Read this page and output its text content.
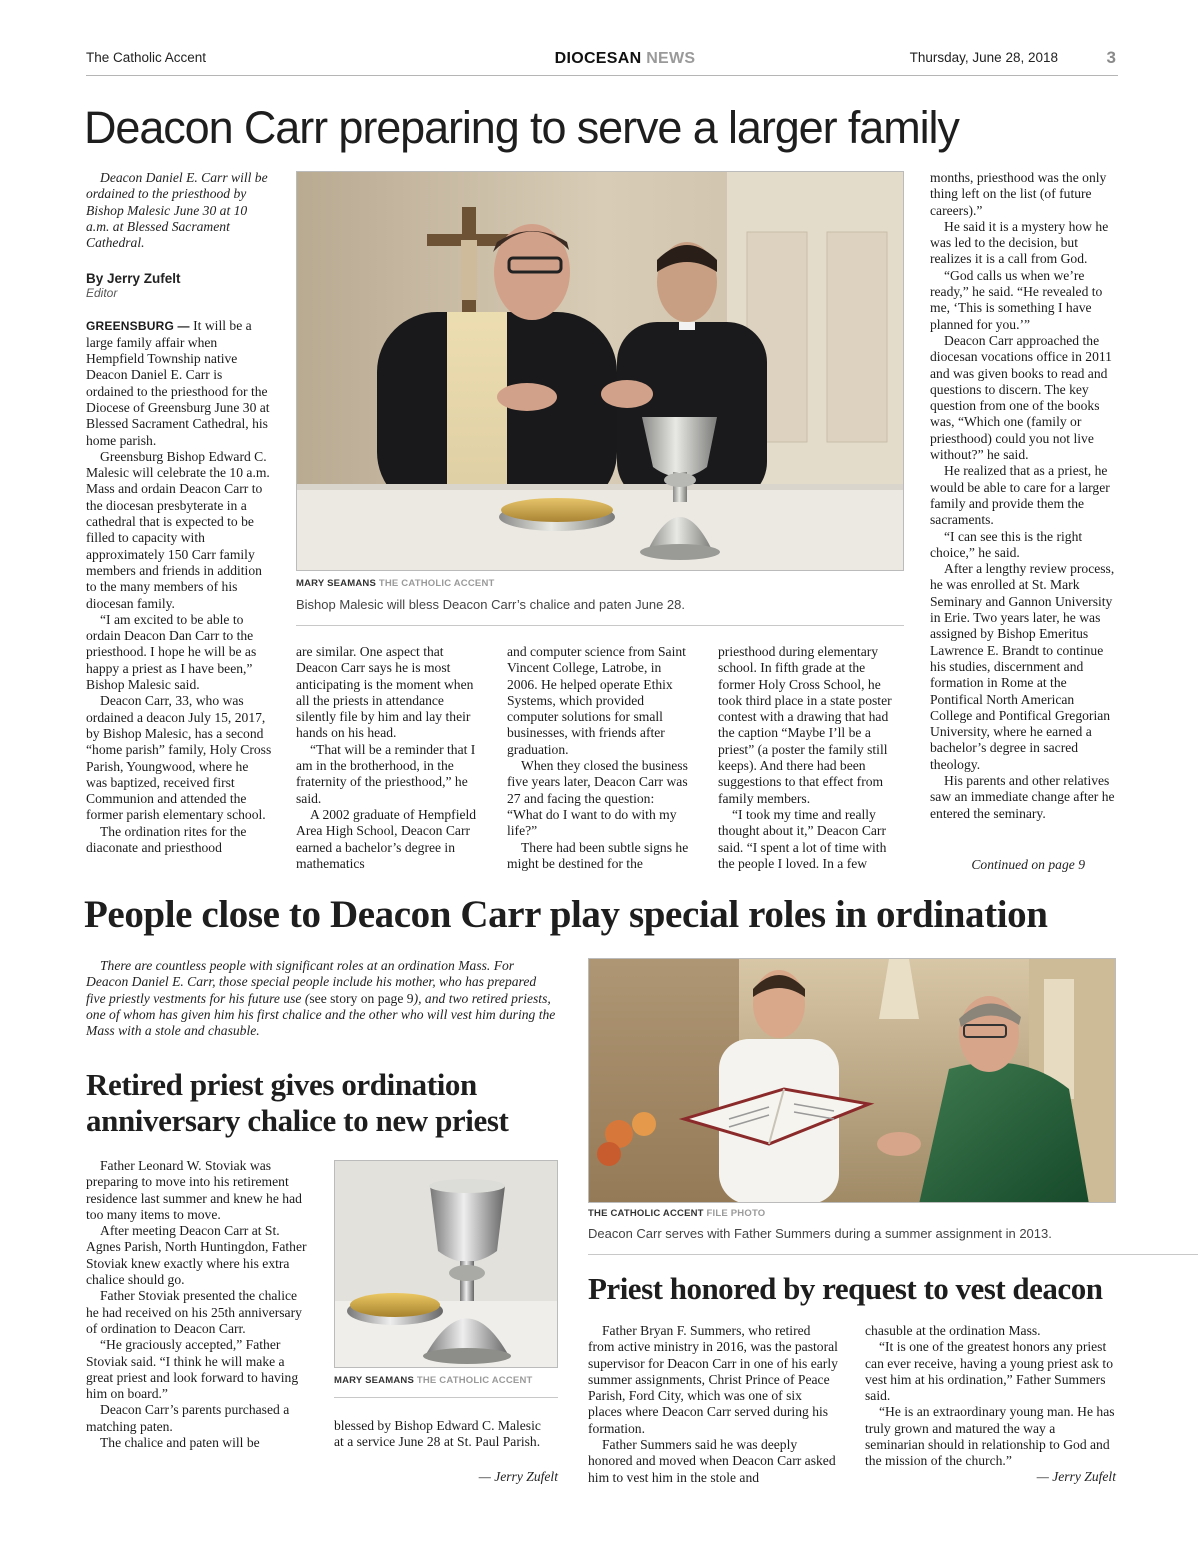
The Catholic Accent	DIOCESAN NEWS	Thursday, June 28, 2018	3
Deacon Carr preparing to serve a larger family

Deacon Daniel E. Carr will be ordained to the priesthood by Bishop Malesic June 30 at 10 a.m. at Blessed Sacrament Cathedral.

By Jerry Zufelt
Editor

GREENSBURG — It will be a large family affair when Hempfield Township native Deacon Daniel E. Carr is ordained to the priesthood for the Diocese of Greensburg June 30 at Blessed Sacrament Cathedral, his home parish.

Greensburg Bishop Edward C. Malesic will celebrate the 10 a.m. Mass and ordain Deacon Carr to the diocesan presbyterate in a cathedral that is expected to be filled to capacity with approximately 150 Carr family members and friends in addition to the many members of his diocesan family.

“I am excited to be able to ordain Deacon Dan Carr to the priesthood. I hope he will be as happy a priest as I have been,” Bishop Malesic said.

Deacon Carr, 33, who was ordained a deacon July 15, 2017, by Bishop Malesic, has a second “home parish” family, Holy Cross Parish, Youngwood, where he was baptized, received first Communion and attended the former parish elementary school.

The ordination rites for the diaconate and priesthood

MARY SEAMANS THE CATHOLIC ACCENT
Bishop Malesic will bless Deacon Carr’s chalice and paten June 28.

are similar. One aspect that Deacon Carr says he is most anticipating is the moment when all the priests in attendance silently file by him and lay their hands on his head.

“That will be a reminder that I am in the brotherhood, in the fraternity of the priesthood,” he said.

A 2002 graduate of Hempfield Area High School, Deacon Carr earned a bachelor’s degree in mathematics

and computer science from Saint Vincent College, Latrobe, in 2006. He helped operate Ethix Systems, which provided computer solutions for small businesses, with friends after graduation.

When they closed the business five years later, Deacon Carr was 27 and facing the question: “What do I want to do with my life?”

There had been subtle signs he might be destined for the

priesthood during elementary school. In fifth grade at the former Holy Cross School, he took third place in a state poster contest with a drawing that had the caption “Maybe I’ll be a priest” (a poster the family still keeps). And there had been suggestions to that effect from family members.

“I took my time and really thought about it,” Deacon Carr said. “I spent a lot of time with the people I loved. In a few

months, priesthood was the only thing left on the list (of future careers).”

He said it is a mystery how he was led to the decision, but realizes it is a call from God.

“God calls us when we’re ready,” he said. “He revealed to me, ‘This is something I have planned for you.’”

Deacon Carr approached the diocesan vocations office in 2011 and was given books to read and questions to discern. The key question from one of the books was, “Which one (family or priesthood) could you not live without?” he said.

He realized that as a priest, he would be able to care for a larger family and provide them the sacraments.

“I can see this is the right choice,” he said.

After a lengthy review process, he was enrolled at St. Mark Seminary and Gannon University in Erie. Two years later, he was assigned by Bishop Emeritus Lawrence E. Brandt to continue his studies, discernment and formation in Rome at the Pontifical North American College and Pontifical Gregorian University, where he earned a bachelor’s degree in sacred theology.

His parents and other relatives saw an immediate change after he entered the seminary.

Continued on page 9
People close to Deacon Carr play special roles in ordination

There are countless people with significant roles at an ordination Mass. For Deacon Daniel E. Carr, those special people include his mother, who has prepared five priestly vestments for his future use (see story on page 9), and two retired priests, one of whom has given him his first chalice and the other who will vest him during the Mass with a stole and chasuble.

THE CATHOLIC ACCENT FILE PHOTO
Deacon Carr serves with Father Summers during a summer assignment in 2013.
Retired priest gives ordination anniversary chalice to new priest

Father Leonard W. Stoviak was preparing to move into his retirement residence last summer and knew he had too many items to move.

After meeting Deacon Carr at St. Agnes Parish, North Huntingdon, Father Stoviak knew exactly where his extra chalice should go.

Father Stoviak presented the chalice he had received on his 25th anniversary of ordination to Deacon Carr.

“He graciously accepted,” Father Stoviak said. “I think he will make a great priest and look forward to having him on board.”

Deacon Carr’s parents purchased a matching paten.

The chalice and paten will be

MARY SEAMANS THE CATHOLIC ACCENT

blessed by Bishop Edward C. Malesic at a service June 28 at St. Paul Parish.

— Jerry Zufelt
Priest honored by request to vest deacon

Father Bryan F. Summers, who retired from active ministry in 2016, was the pastoral supervisor for Deacon Carr in one of his early summer assignments, Christ Prince of Peace Parish, Ford City, which was one of six places where Deacon Carr served during his formation.

Father Summers said he was deeply honored and moved when Deacon Carr asked him to vest him in the stole and

chasuble at the ordination Mass.

“It is one of the greatest honors any priest can ever receive, having a young priest ask to vest him at his ordination,” Father Summers said.

“He is an extraordinary young man. He has truly grown and matured the way a seminarian should in relationship to God and the mission of the church.”

— Jerry Zufelt
